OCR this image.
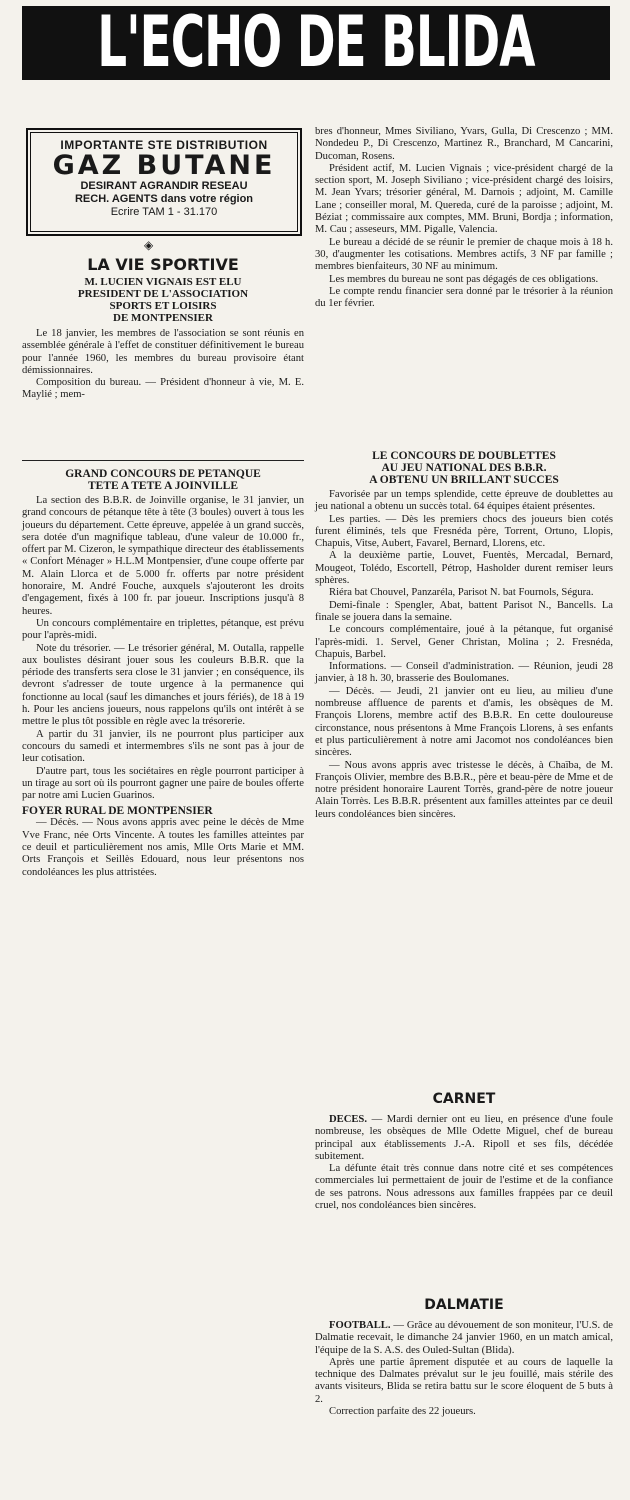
L'ECHO DE BLIDA
IMPORTANTE STE DISTRIBUTION
GAZ BUTANE
DESIRANT AGRANDIR RESEAU
RECH. AGENTS dans votre région
Ecrire TAM 1 - 31.170
◈
LA VIE SPORTIVE
M. LUCIEN VIGNAIS EST ELU
PRESIDENT DE L'ASSOCIATION
SPORTS ET LOISIRS
DE MONTPENSIER

Le 18 janvier, les membres de l'association se sont réunis en assemblée générale à l'effet de constituer définitivement le bureau pour l'année 1960, les membres du bureau provisoire étant démissionnaires.

Composition du bureau. — Président d'honneur à vie, M. E. Maylié ; mem-

bres d'honneur, Mmes Siviliano, Yvars, Gulla, Di Crescenzo ; MM. Nondedeu P., Di Crescenzo, Martinez R., Branchard, M Cancarini, Ducoman, Rosens.

Président actif, M. Lucien Vignais ; vice-président chargé de la section sport, M. Joseph Siviliano ; vice-président chargé des loisirs, M. Jean Yvars; trésorier général, M. Darnois ; adjoint, M. Camille Lane ; conseiller moral, M. Quereda, curé de la paroisse ; adjoint, M. Béziat ; commissaire aux comptes, MM. Bruni, Bordja ; information, M. Cau ; asseseurs, MM. Pigalle, Valencia.

Le bureau a décidé de se réunir le premier de chaque mois à 18 h. 30, d'augmenter les cotisations. Membres actifs, 3 NF par famille ; membres bienfaiteurs, 30 NF au minimum.

Les membres du bureau ne sont pas dégagés de ces obligations.

Le compte rendu financier sera donné par le trésorier à la réunion du 1er février.

GRAND CONCOURS DE PETANQUE
TETE A TETE A JOINVILLE

La section des B.B.R. de Joinville organise, le 31 janvier, un grand concours de pétanque tête à tête (3 boules) ouvert à tous les joueurs du département. Cette épreuve, appelée à un grand succès, sera dotée d'un magnifique tableau, d'une valeur de 10.000 fr., offert par M. Cizeron, le sympathique directeur des établissements « Confort Ménager » H.L.M Montpensier, d'une coupe offerte par M. Alain Llorca et de 5.000 fr. offerts par notre président honoraire, M. André Fouche, auxquels s'ajouteront les droits d'engagement, fixés à 100 fr. par joueur. Inscriptions jusqu'à 8 heures.

Un concours complémentaire en triplettes, pétanque, est prévu pour l'après-midi.

Note du trésorier. — Le trésorier général, M. Outalla, rappelle aux boulistes désirant jouer sous les couleurs B.B.R. que la période des transferts sera close le 31 janvier ; en conséquence, ils devront s'adresser de toute urgence à la permanence qui fonctionne au local (sauf les dimanches et jours fériés), de 18 à 19 h. Pour les anciens joueurs, nous rappelons qu'ils ont intérêt à se mettre le plus tôt possible en règle avec la trésorerie.

A partir du 31 janvier, ils ne pourront plus participer aux concours du samedi et intermembres s'ils ne sont pas à jour de leur cotisation.

D'autre part, tous les sociétaires en règle pourront participer à un tirage au sort où ils pourront gagner une paire de boules offerte par notre ami Lucien Guarinos.

FOYER RURAL DE MONTPENSIER

— Décès. — Nous avons appris avec peine le décès de Mme Vve Franc, née Orts Vincente. A toutes les familles atteintes par ce deuil et particulièrement nos amis, Mlle Orts Marie et MM. Orts François et Seillès Edouard, nous leur présentons nos condoléances les plus attristées.

LE CONCOURS DE DOUBLETTES
AU JEU NATIONAL DES B.B.R.
A OBTENU UN BRILLANT SUCCES

Favorisée par un temps splendide, cette épreuve de doublettes au jeu national a obtenu un succès total. 64 équipes étaient présentes.

Les parties. — Dès les premiers chocs des joueurs bien cotés furent éliminés, tels que Fresnéda père, Torrent, Ortuno, Llopis, Chapuis, Vitse, Aubert, Favarel, Bernard, Llorens, etc.

A la deuxième partie, Louvet, Fuentès, Mercadal, Bernard, Mougeot, Tolédo, Escortell, Pétrop, Hasholder durent remiser leurs sphères.

Riéra bat Chouvel, Panzaréla, Parisot N. bat Fournols, Ségura.

Demi-finale : Spengler, Abat, battent Parisot N., Bancells. La finale se jouera dans la semaine.

Le concours complémentaire, joué à la pétanque, fut organisé l'après-midi. 1. Servel, Gener Christan, Molina ; 2. Fresnéda, Chapuis, Barbel.

Informations. — Conseil d'administration. — Réunion, jeudi 28 janvier, à 18 h. 30, brasserie des Boulomanes.

— Décès. — Jeudi, 21 janvier ont eu lieu, au milieu d'une nombreuse affluence de parents et d'amis, les obsèques de M. François Llorens, membre actif des B.B.R. En cette douloureuse circonstance, nous présentons à Mme François Llorens, à ses enfants et plus particulièrement à notre ami Jacomot nos condoléances bien sincères.

— Nous avons appris avec tristesse le décès, à Chaïba, de M. François Olivier, membre des B.B.R., père et beau-père de Mme et de notre président honoraire Laurent Torrès, grand-père de notre joueur Alain Torrès. Les B.B.R. présentent aux familles atteintes par ce deuil leurs condoléances bien sincères.

CARNET

DECES. — Mardi dernier ont eu lieu, en présence d'une foule nombreuse, les obsèques de Mlle Odette Miguel, chef de bureau principal aux établissements J.-A. Ripoll et ses fils, décédée subitement.

La défunte était très connue dans notre cité et ses compétences commerciales lui permettaient de jouir de l'estime et de la confiance de ses patrons. Nous adressons aux familles frappées par ce deuil cruel, nos condoléances bien sincères.

DALMATIE

FOOTBALL. — Grâce au dévouement de son moniteur, l'U.S. de Dalmatie recevait, le dimanche 24 janvier 1960, en un match amical, l'équipe de la S. A.S. des Ouled-Sultan (Blida).

Après une partie âprement disputée et au cours de laquelle la technique des Dalmates prévalut sur le jeu fouillé, mais stérile des avants visiteurs, Blida se retira battu sur le score éloquent de 5 buts à 2.

Correction parfaite des 22 joueurs.
